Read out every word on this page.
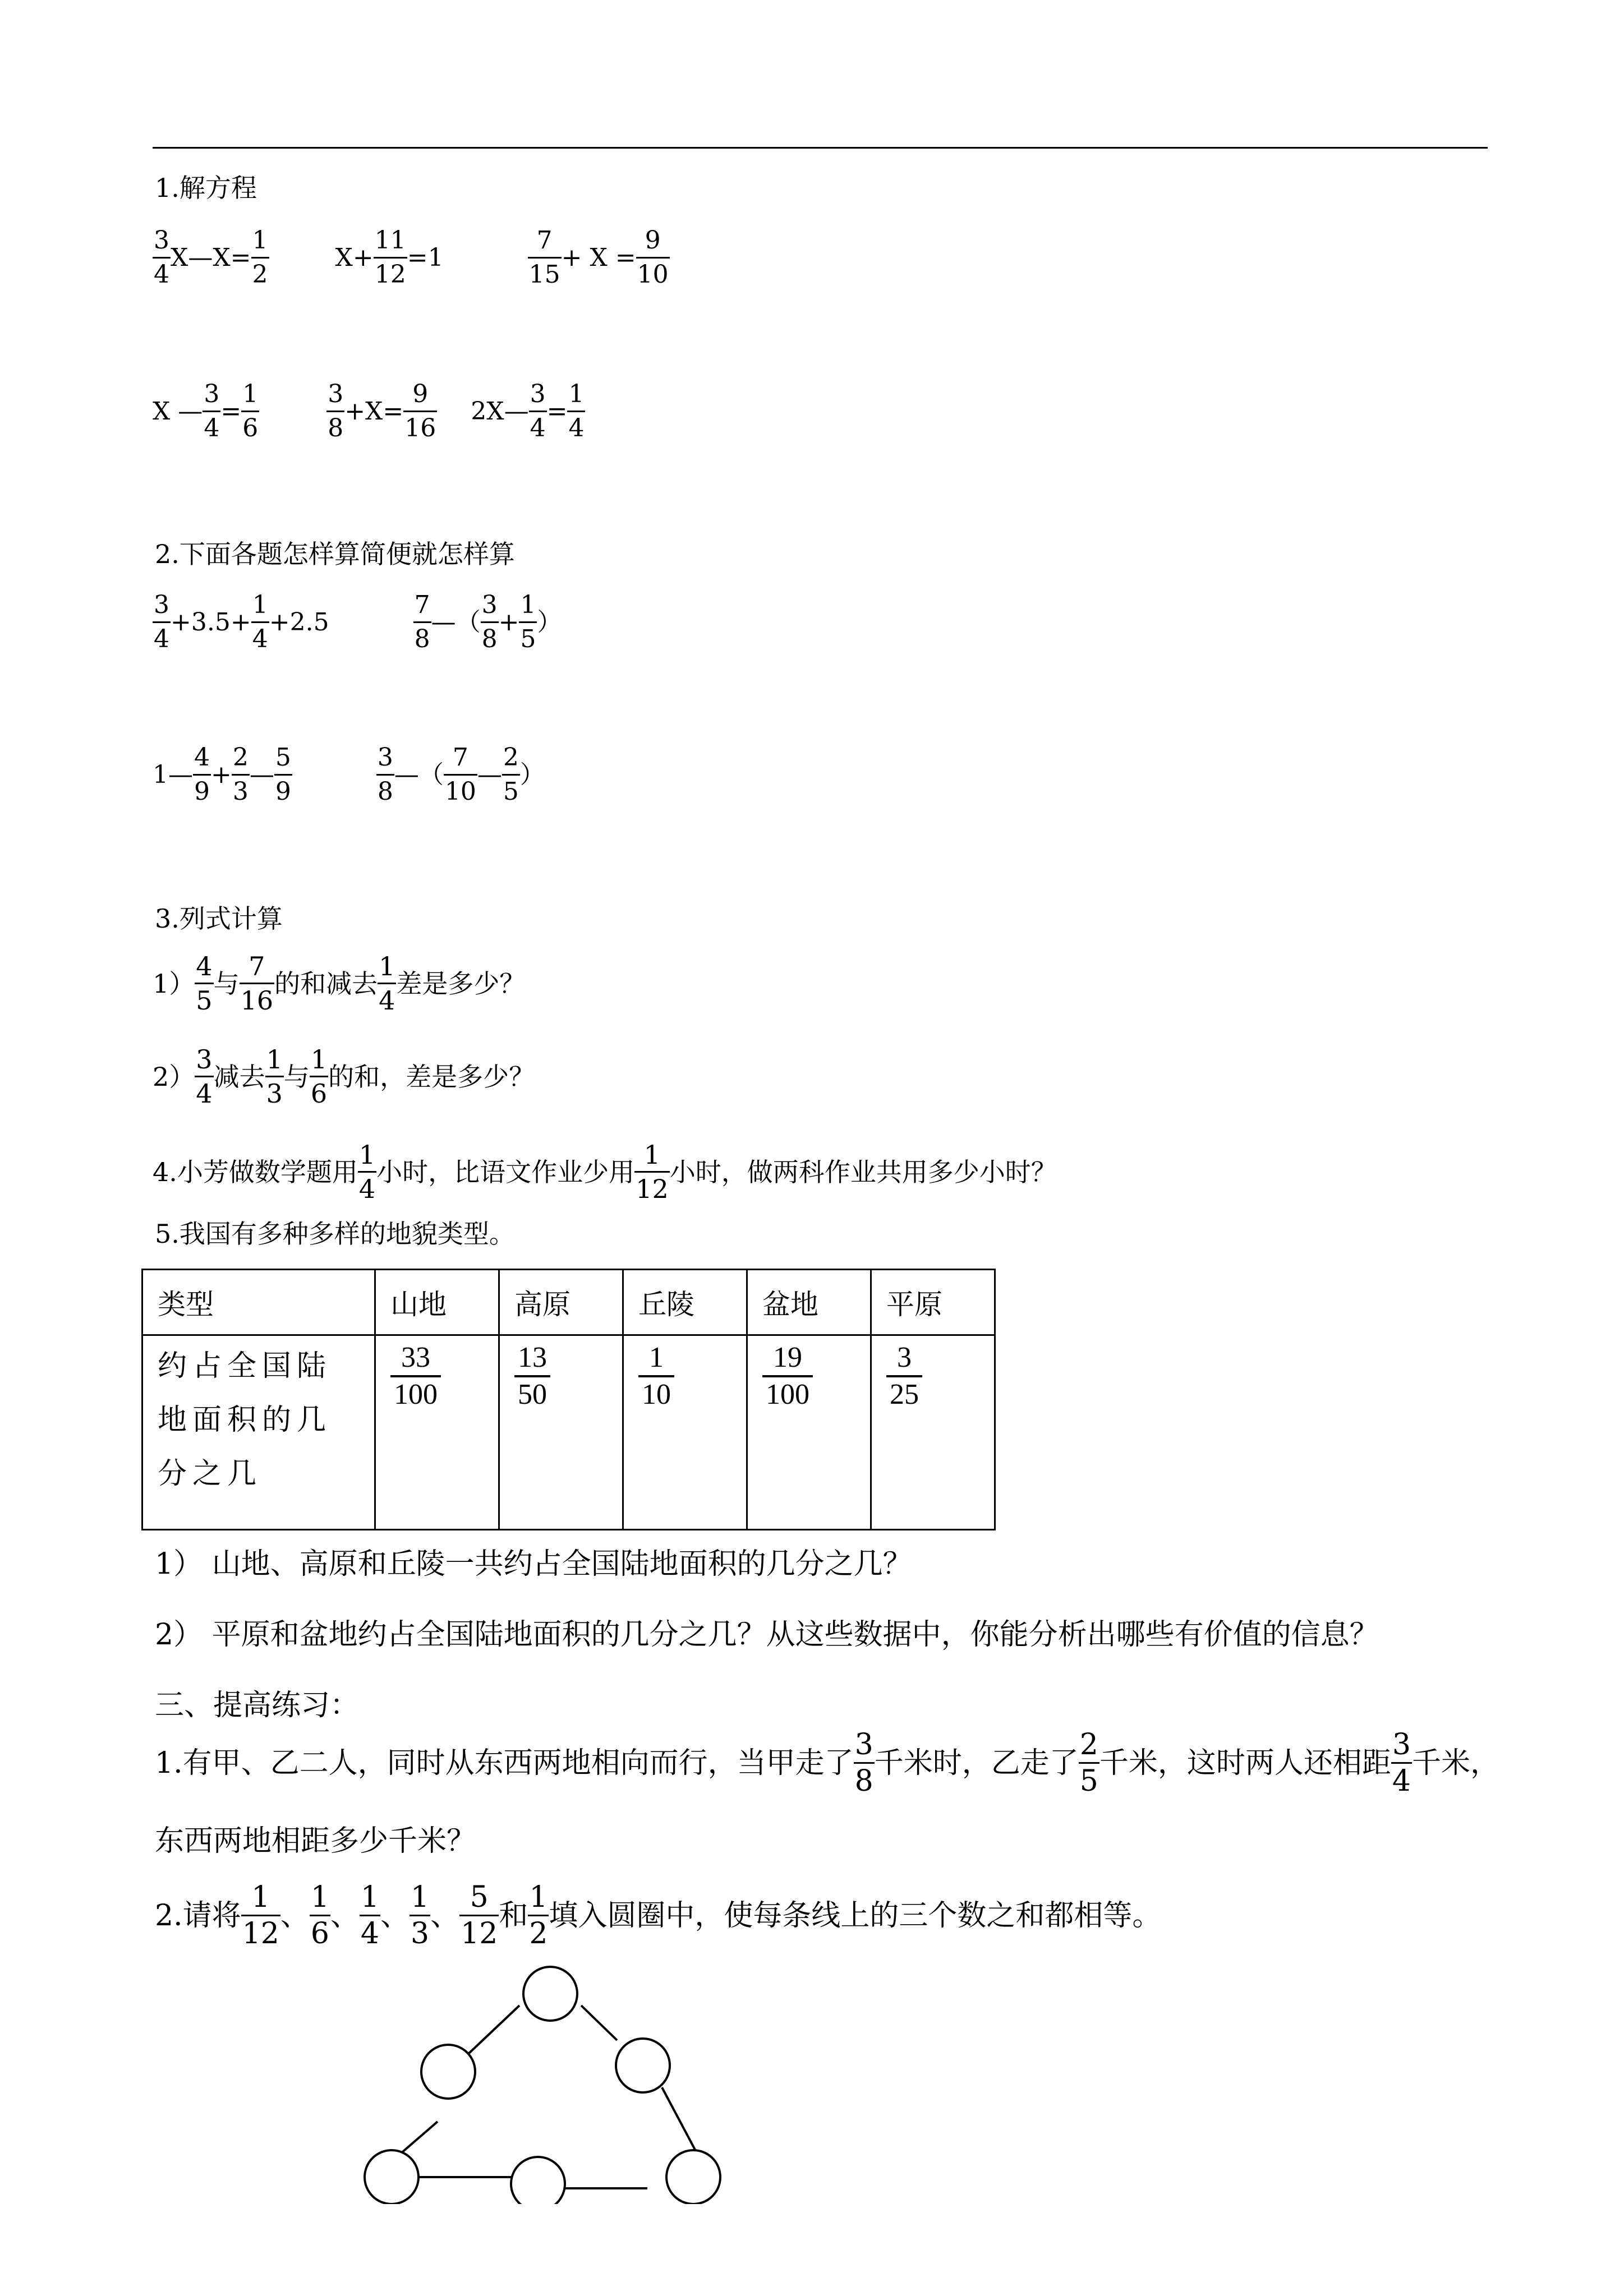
1.解方程
$\frac{3}{4}$ X—X= $\frac{1}{2}$	$X+ \frac{11}{12} =1$	$\frac{7}{15} + X = \frac{9}{10}$
X — $\frac{3}{4} = \frac{1}{6}$	$\frac{3}{8} +X= \frac{9}{16}$ 2X— $\frac{3}{4} = \frac{1}{4}$
2.下面各题怎样算简便就怎样算
$\frac{3}{4} +3.5+ \frac{1}{4} +2.5$	$\frac{7}{8}$ —（ $\frac{3}{8} + \frac{1}{5}$ ）
1— $\frac{4}{9} + \frac{2}{3}$ — $\frac{5}{9}$	$\frac{3}{8}$ —（ $\frac{7}{10}$ — $\frac{2}{5}$ ）
3.列式计算
$1) \frac{4}{5}$ 与 $\frac{7}{16}$ 的和减去 $\frac{1}{4}$ 差是多少？
$2) \frac{3}{4}$ 减去 $\frac{1}{3}$ 与 $\frac{1}{6}$ 的和，差是多少？
4.小芳做数学题用 $\frac{1}{4}$ 小时，比语文作业少用 $\frac{1}{12}$ 小时，做两科作业共用多少小时？
5.我国有多种多样的地貌类型。
类型	山地	高原	丘陵	盆地	平原

约占全国陆地面积的几分之几	$\frac{33}{100}$	$\frac{13}{50}$	$\frac{1}{10}$	$\frac{19}{100}$	$\frac{3}{25}$
1） 山地、高原和丘陵一共约占全国陆地面积的几分之几？
2） 平原和盆地约占全国陆地面积的几分之几？从这些数据中，你能分析出哪些有价值的信息？
三、提高练习：
1.有甲、乙二人，同时从东西两地相向而行，当甲走了 $\frac{3}{8}$ 千米时，乙走了 $\frac{2}{5}$ 千米，这时两人还相距 $\frac{3}{4}$ 千米，
东西两地相距多少千米？
2.请将 $\frac{1}{12}$ 、 $\frac{1}{6}$ 、 $\frac{1}{4}$ 、 $\frac{1}{3}$ 、 $\frac{5}{12}$ 和 $\frac{1}{2}$ 填入圆圈中，使每条线上的三个数之和都相等。
